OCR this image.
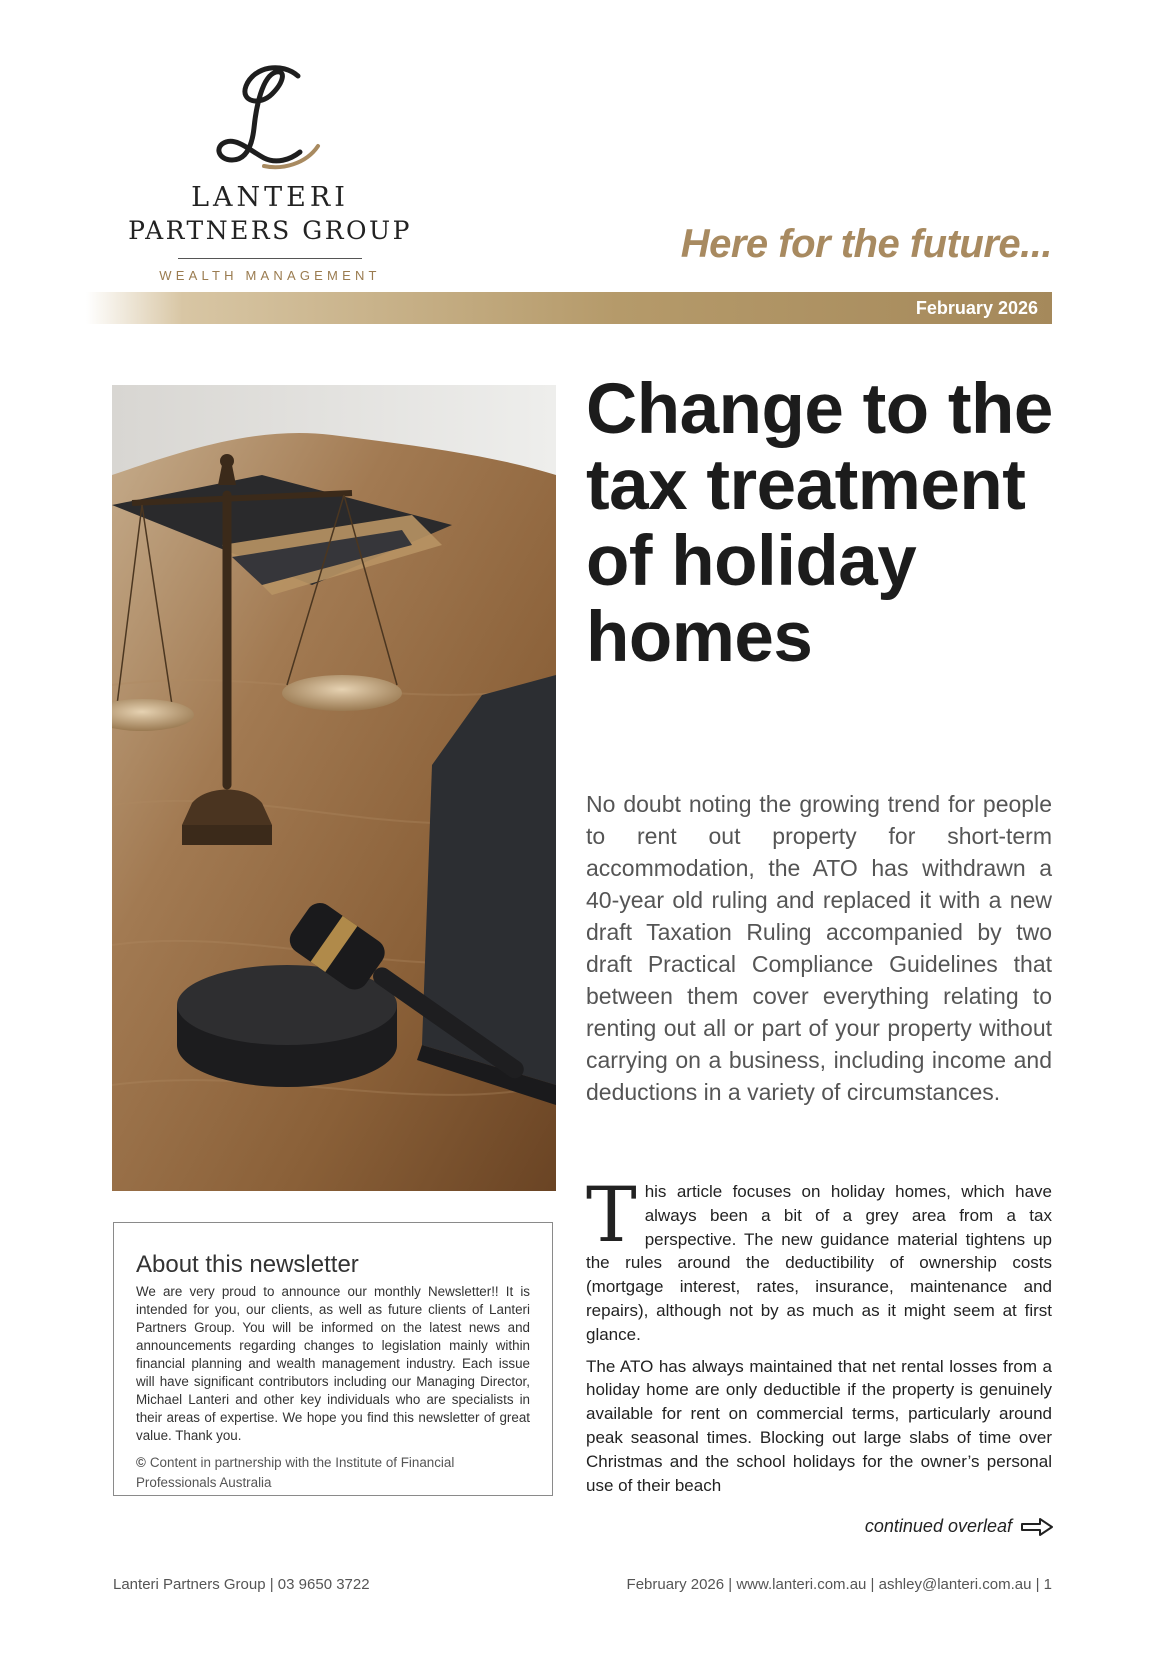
LANTERI
PARTNERS GROUP
WEALTH MANAGEMENT
Here for the future...
February 2026
Change to the tax treatment of holiday homes

No doubt noting the growing trend for people to rent out property for short-term accommodation, the ATO has withdrawn a 40-year old ruling and replaced it with a new draft Taxation Ruling accompanied by two draft Practical Compliance Guidelines that between them cover everything relating to renting out all or part of your property without carrying on a business, including income and deductions in a variety of circumstances.

This article focuses on holiday homes, which have always been a bit of a grey area from a tax perspective. The new guidance material tightens up the rules around the deductibility of ownership costs (mortgage interest, rates, insurance, maintenance and repairs), although not by as much as it might seem at first glance.

The ATO has always maintained that net rental losses from a holiday home are only deductible if the property is genuinely available for rent on commercial terms, particularly around peak seasonal times. Blocking out large slabs of time over Christmas and the school holidays for the owner’s personal use of their beach

continued overleaf
About this newsletter

We are very proud to announce our monthly Newsletter!! It is intended for you, our clients, as well as future clients of Lanteri Partners Group. You will be informed on the latest news and announcements regarding changes to legislation mainly within financial planning and wealth management industry. Each issue will have significant contributors including our Managing Director, Michael Lanteri and other key individuals who are specialists in their areas of expertise. We hope you find this newsletter of great value. Thank you.

© Content in partnership with the Institute of Financial Professionals Australia

Lanteri Partners Group | 03 9650 3722	February 2026 | www.lanteri.com.au | ashley@lanteri.com.au | 1
